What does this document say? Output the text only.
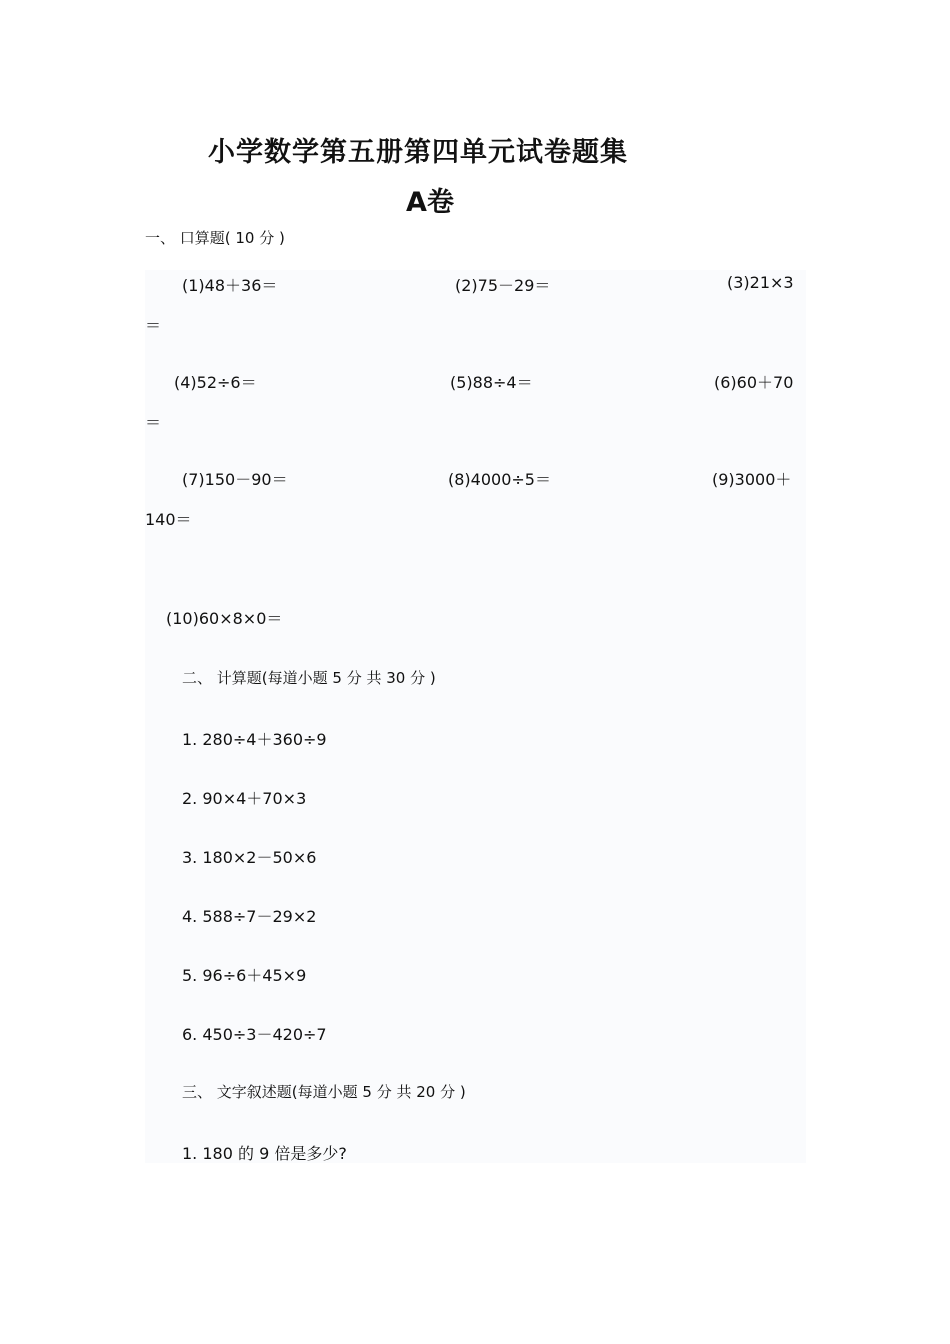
小学数学第五册第四单元试卷题集
A卷
一、 口算题( 10 分 )
(1)48＋36＝	(2)75－29＝	(3)21×3
＝
(4)52÷6＝	(5)88÷4＝	(6)60＋70
＝
(7)150－90＝	(8)4000÷5＝	(9)3000＋
140＝
(10)60×8×0＝
二、 计算题(每道小题 5 分 共 30 分 )
1. 280÷4＋360÷9
2. 90×4＋70×3
3. 180×2－50×6
4. 588÷7－29×2
5. 96÷6＋45×9
6. 450÷3－420÷7
三、 文字叙述题(每道小题 5 分 共 20 分 )
1. 180 的 9 倍是多少?
